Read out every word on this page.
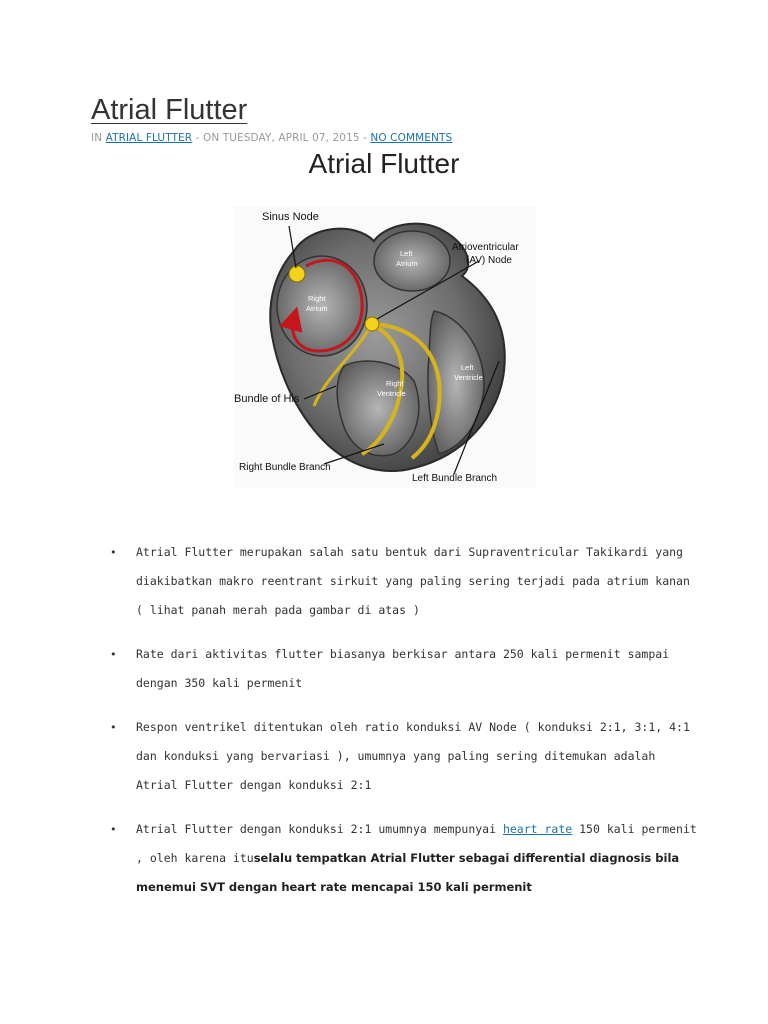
Atrial Flutter
IN ATRIAL FLUTTER - ON TUESDAY, APRIL 07, 2015 - NO COMMENTS
Atrial Flutter
Sinus Node
Atrioventricular
(AV) Node
Bundle of His
Right Bundle Branch
Left Bundle Branch
Left
Atrium
Right
Atrium
Right
Ventricle
Left
Ventricle
• Atrial Flutter merupakan salah satu bentuk dari Supraventricular Takikardi yang diakibatkan makro reentrant sirkuit yang paling sering terjadi pada atrium kanan ( lihat panah merah pada gambar di atas )
• Rate dari aktivitas flutter biasanya berkisar antara 250 kali permenit sampai dengan 350 kali permenit
• Respon ventrikel ditentukan oleh ratio konduksi AV Node ( konduksi 2:1, 3:1, 4:1 dan konduksi yang bervariasi ), umumnya yang paling sering ditemukan adalah Atrial Flutter dengan konduksi 2:1
• Atrial Flutter dengan konduksi 2:1 umumnya mempunyai heart rate 150 kali permenit , oleh karena ituselalu tempatkan Atrial Flutter sebagai differential diagnosis bila menemui SVT dengan heart rate mencapai 150 kali permenit
